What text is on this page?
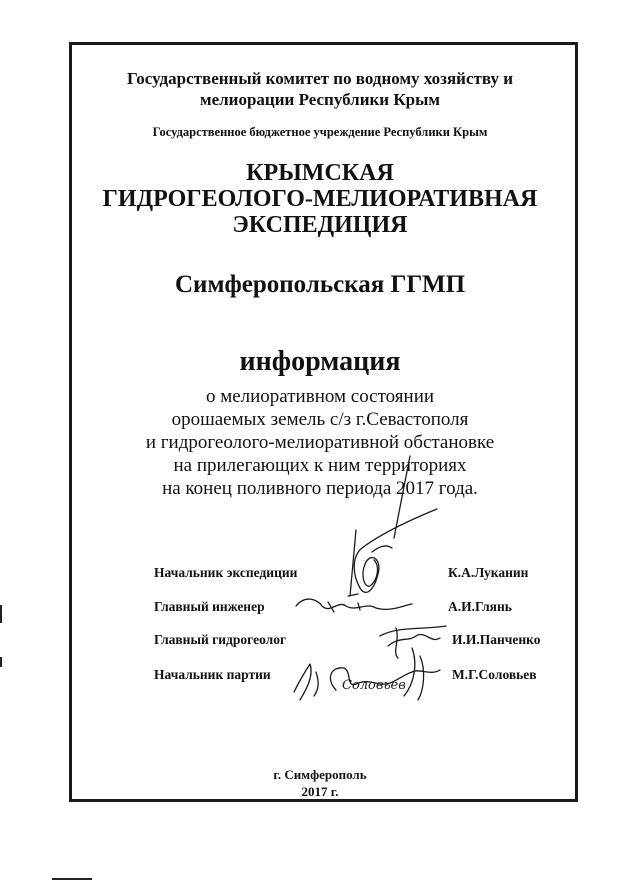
Государственный комитет по водному хозяйству и
мелиорации Республики Крым
Государственное бюджетное учреждение Республики Крым
КРЫМСКАЯ
ГИДРОГЕОЛОГО-МЕЛИОРАТИВНАЯ
ЭКСПЕДИЦИЯ
Симферопольская ГГМП
информация
о мелиоративном состоянии
орошаемых земель с/з г.Севастополя
и гидрогеолого-мелиоративной обстановке
на прилегающих к ним территориях
на конец поливного периода 2017 года.
Начальник экспедиции	К.А.Луканин
Главный инженер	А.И.Глянь
Главный гидрогеолог	И.И.Панченко
Начальник партии	М.Г.Соловьев
Соловьев
г. Симферополь
2017 г.
